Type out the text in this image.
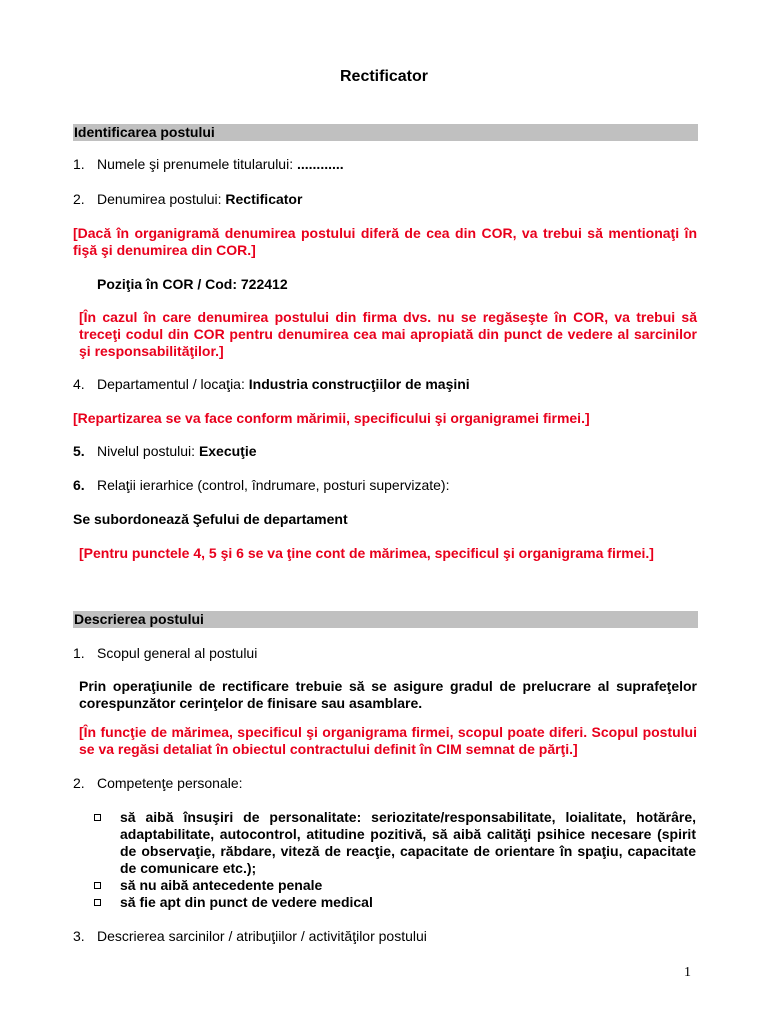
Rectificator
Identificarea postului
1. Numele şi prenumele titularului: ............
2. Denumirea postului: Rectificator
[Dacă în organigramă denumirea postului diferă de cea din COR, va trebui să mentionaţi în fişă şi denumirea din COR.]
Poziţia în COR / Cod: 722412
[În cazul în care denumirea postului din firma dvs. nu se regăseşte în COR, va trebui să treceţi codul din COR pentru denumirea cea mai apropiată din punct de vedere al sarcinilor şi responsabilităţilor.]
4. Departamentul / locaţia: Industria construcţiilor de maşini
[Repartizarea se va face conform mărimii, specificului şi organigramei firmei.]
5. Nivelul postului: Execuţie
6. Relaţii ierarhice (control, îndrumare, posturi supervizate):
Se subordonează Şefului de departament
[Pentru punctele 4, 5 şi 6 se va ţine cont de mărimea, specificul şi organigrama firmei.]
Descrierea postului
1. Scopul general al postului
Prin operaţiunile de rectificare trebuie să se asigure gradul de prelucrare al suprafeţelor corespunzător cerinţelor de finisare sau asamblare.
[În funcţie de mărimea, specificul şi organigrama firmei, scopul poate diferi. Scopul postului se va regăsi detaliat în obiectul contractului definit în CIM semnat de părţi.]
2. Competenţe personale:
să aibă însuşiri de personalitate: seriozitate/responsabilitate, loialitate, hotărâre, adaptabilitate, autocontrol, atitudine pozitivă, să aibă calităţi psihice necesare (spirit de observaţie, răbdare, viteză de reacţie, capacitate de orientare în spaţiu, capacitate de comunicare etc.);
să nu aibă antecedente penale
să fie apt din punct de vedere medical
3. Descrierea sarcinilor / atribuţiilor / activităţilor postului
1
